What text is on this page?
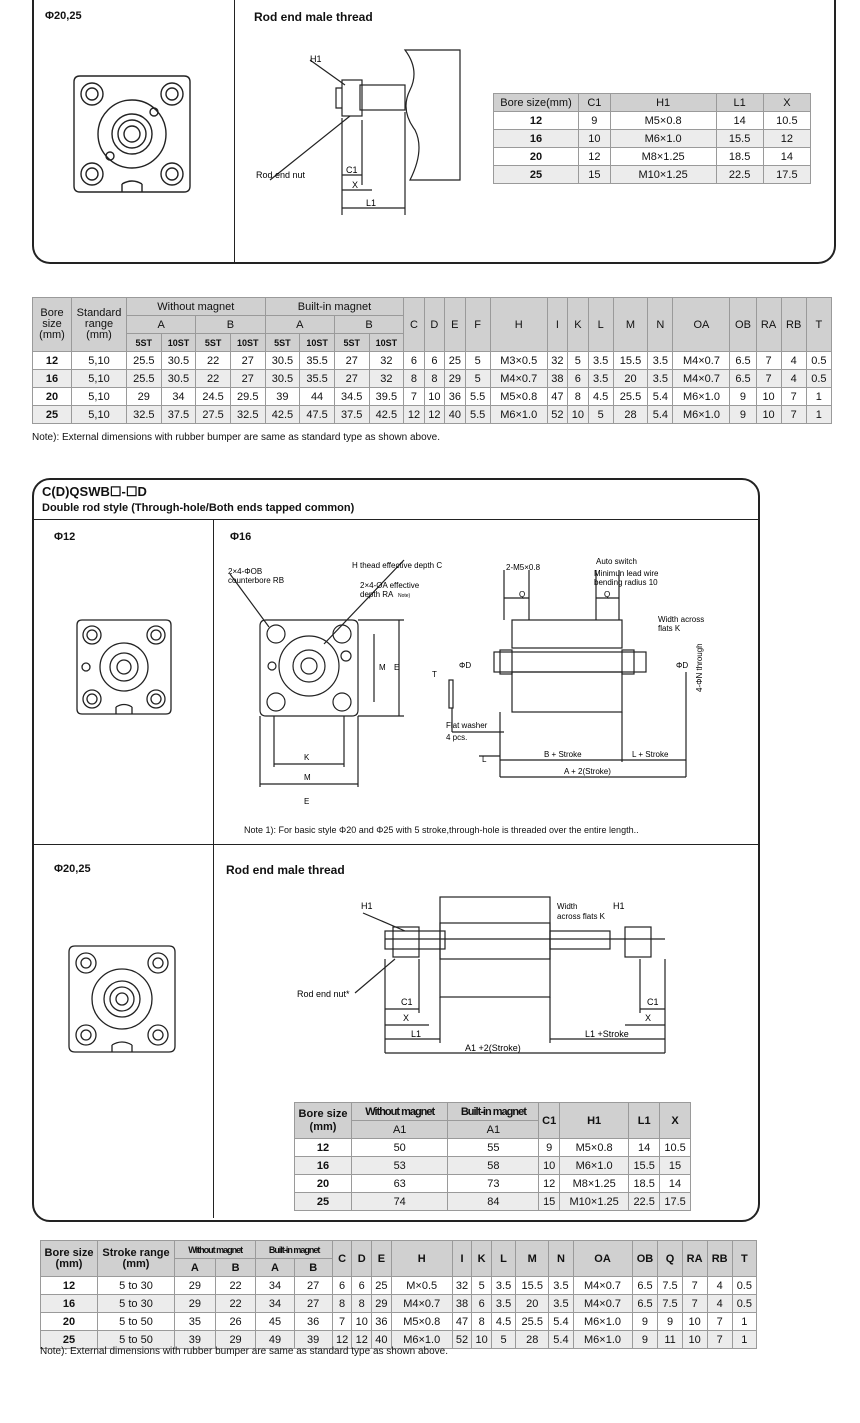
Φ20,25	Rod end male thread
H1
Rod end nut	C1
X
L1
Bore size(mm)	C1	H1	L1	X
12	9	M5×0.8	14	10.5
16	10	M6×1.0	15.5	12
20	12	M8×1.25	18.5	14
25	15	M10×1.25	22.5	17.5
Bore size (mm)	Standard range (mm)	Without magnet				Built-in magnet				C	D	E	F	H	I	K	L	M	N	OA	OB	RA	RB	T
		A		B		A		B																
		5ST	10ST	5ST	10ST	5ST	10ST	5ST	10ST															
12	5,10	25.5	30.5	22	27	30.5	35.5	27	32	6	6	25	5	M3×0.5	32	5	3.5	15.5	3.5	M4×0.7	6.5	7	4	0.5
16	5,10	25.5	30.5	22	27	30.5	35.5	27	32	8	8	29	5	M4×0.7	38	6	3.5	20	3.5	M4×0.7	6.5	7	4	0.5
20	5,10	29	34	24.5	29.5	39	44	34.5	39.5	7	10	36	5.5	M5×0.8	47	8	4.5	25.5	5.4	M6×1.0	9	10	7	1
25	5,10	32.5	37.5	27.5	32.5	42.5	47.5	37.5	42.5	12	12	40	5.5	M6×1.0	52	10	5	28	5.4	M6×1.0	9	10	7	1
Note): External dimensions with rubber bumper are same as standard type as shown above.
C(D)QSWB☐-☐D
Double rod style (Through-hole/Both ends tapped common)
Φ12	Φ16
2×4-ΦOB
counterbore RB
H thead effective depth C
2×4-OA effective
depth RA Note)
K
M
E
M E
2-M5×0.8
Auto switch
Minimun lead wire
bending radius 10
Width across
flats K
Q	Q
T
ΦD	ΦD
Flat washer
4 pcs.
L
B + Stroke	L + Stroke
A + 2(Stroke)
4-ΦN through
Note 1): For basic style Φ20 and Φ25 with 5 stroke,through-hole is threaded over the entire length..
Φ20,25	Rod end male thread
H1	Width
across flats K
H1
Rod end nut*
C1
X
L1
C1
X
L1 +Stroke
A1 +2(Stroke)
Bore size (mm)	Without magnet	Built-in magnet	C1	H1	L1	X
	A1	A1				
12	50	55	9	M5×0.8	14	10.5
16	53	58	10	M6×1.0	15.5	15
20	63	73	12	M8×1.25	18.5	14
25	74	84	15	M10×1.25	22.5	17.5
Bore size (mm)	Stroke range (mm)	Without magnet		Built-in magnet		C	D	E	H	I	K	L	M	N	OA	OB	Q	RA	RB	T
		A	B	A	B															
12	5 to 30	29	22	34	27	6	6	25	M×0.5	32	5	3.5	15.5	3.5	M4×0.7	6.5	7.5	7	4	0.5
16	5 to 30	29	22	34	27	8	8	29	M4×0.7	38	6	3.5	20	3.5	M4×0.7	6.5	7.5	7	4	0.5
20	5 to 50	35	26	45	36	7	10	36	M5×0.8	47	8	4.5	25.5	5.4	M6×1.0	9	9	10	7	1
25	5 to 50	39	29	49	39	12	12	40	M6×1.0	52	10	5	28	5.4	M6×1.0	9	11	10	7	1
Note): External dimensions with rubber bumper are same as standard type as shown above.
